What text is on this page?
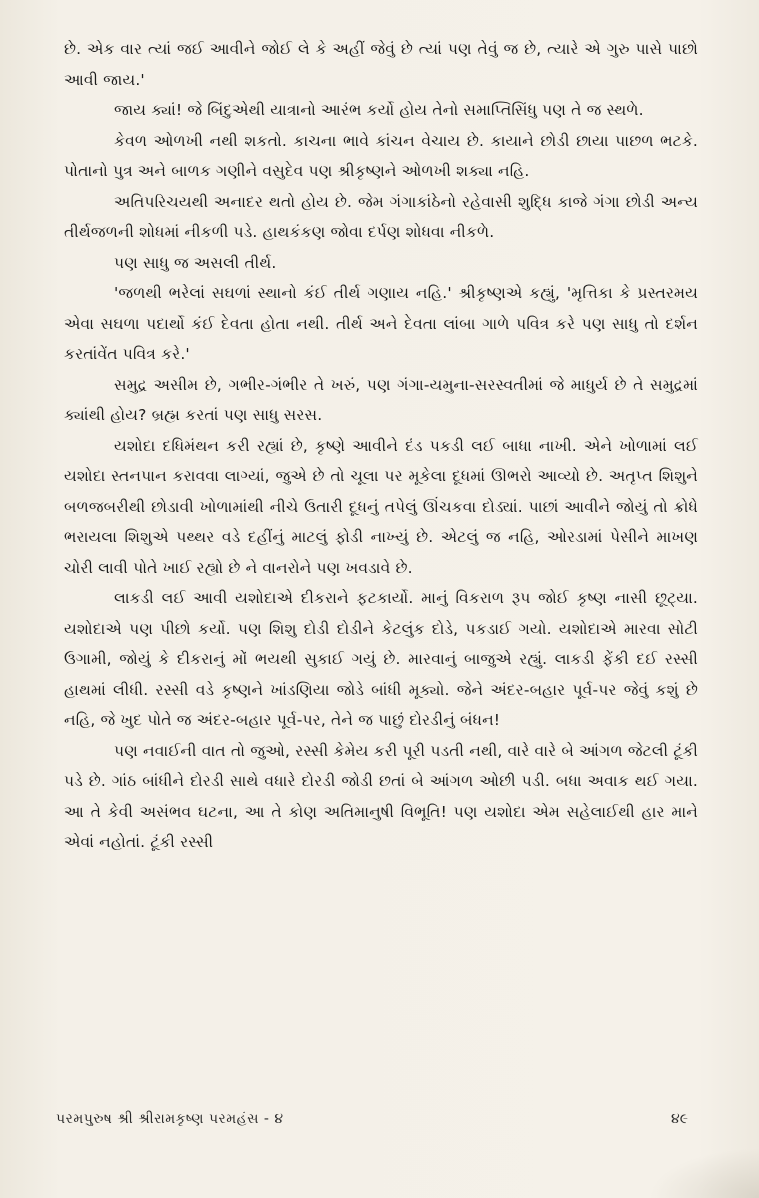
છે. એક વાર ત્યાં જઈ આવીને જોઈ લે કે અહીં જેવું છે ત્યાં પણ તેવું જ છે, ત્યારે એ ગુરુ પાસે પાછો આવી જાય.'

જાય ક્યાં! જે બિંદુએથી યાત્રાનો આરંભ કર્યો હોય તેનો સમાપ્તિસિંધુ પણ તે જ સ્થળે.

કેવળ ઓળખી નથી શકતો. કાચના ભાવે કાંચન વેચાય છે. કાયાને છોડી છાયા પાછળ ભટકે. પોતાનો પુત્ર અને બાળક ગણીને વસુદેવ પણ શ્રીકૃષ્ણને ઓળખી શક્યા નહિ.

અતિપરિચયથી અનાદર થતો હોય છે. જેમ ગંગાકાંઠેનો રહેવાસી શુદ્ધિ કાજે ગંગા છોડી અન્ય તીર્થજળની શોધમાં નીકળી પડે. હાથકંકણ જોવા દર્પણ શોધવા નીકળે.

પણ સાધુ જ અસલી તીર્થ.

'જળથી ભરેલાં સઘળાં સ્થાનો કંઈ તીર્થ ગણાય નહિ.' શ્રીકૃષ્ણએ કહ્યું, 'મૃત્તિકા કે પ્રસ્તરમય એવા સઘળા પદાર્થો કંઈ દેવતા હોતા નથી. તીર્થ અને દેવતા લાંબા ગાળે પવિત્ર કરે પણ સાધુ તો દર્શન કરતાંવેંત પવિત્ર કરે.'

સમુદ્ર અસીમ છે, ગભીર-ગંભીર તે ખરું, પણ ગંગા-યમુના-સરસ્વતીમાં જે માધુર્ય છે તે સમુદ્રમાં ક્યાંથી હોય? બ્રહ્મ કરતાં પણ સાધુ સરસ.

યશોદા દધિમંથન કરી રહ્યાં છે, કૃષ્ણે આવીને દંડ પકડી લઈ બાધા નાખી. એને ખોળામાં લઈ યશોદા સ્તનપાન કરાવવા લાગ્યાં, જુએ છે તો ચૂલા પર મૂકેલા દૂધમાં ઊભરો આવ્યો છે. અતૃપ્ત શિશુને બળજબરીથી છોડાવી ખોળામાંથી નીચે ઉતારી દૂધનું તપેલું ઊંચકવા દોડ્યાં. પાછાં આવીને જોયું તો ક્રોધે ભરાયલા શિશુએ પથ્થર વડે દહીંનું માટલું ફોડી નાખ્યું છે. એટલું જ નહિ, ઓરડામાં પેસીને માખણ ચોરી લાવી પોતે ખાઈ રહ્યો છે ને વાનરોને પણ ખવડાવે છે.

લાકડી લઈ આવી યશોદાએ દીકરાને ફટકાર્યો. માનું વિકરાળ રૂપ જોઈ કૃષ્ણ નાસી છૂટ્યા. યશોદાએ પણ પીછો કર્યો. પણ શિશુ દોડી દોડીને કેટલુંક દોડે, પકડાઈ ગયો. યશોદાએ મારવા સોટી ઉગામી, જોયું કે દીકરાનું મોં ભયથી સુકાઈ ગયું છે. મારવાનું બાજુએ રહ્યું. લાકડી ફેંકી દઈ રસ્સી હાથમાં લીધી. રસ્સી વડે કૃષ્ણને ખાંડણિયા જોડે બાંધી મૂક્યો. જેને અંદર-બહાર પૂર્વ-પર જેવું કશું છે નહિ, જે ખુદ પોતે જ અંદર-બહાર પૂર્વ-પર, તેને જ પાછું દોરડીનું બંધન!

પણ નવાઈની વાત તો જુઓ, રસ્સી કેમેય કરી પૂરી પડતી નથી, વારે વારે બે આંગળ જેટલી ટૂંકી પડે છે. ગાંઠ બાંધીને દોરડી સાથે વધારે દોરડી જોડી છતાં બે આંગળ ઓછી પડી. બધા અવાક થઈ ગયા. આ તે કેવી અસંભવ ઘટના, આ તે કોણ અતિમાનુષી વિભૂતિ! પણ યશોદા એમ સહેલાઈથી હાર માને એવાં નહોતાં. ટૂંકી રસ્સી

પરમપુરુષ શ્રી શ્રીરામકૃષ્ણ પરમહંસ - ૪	૪૯
